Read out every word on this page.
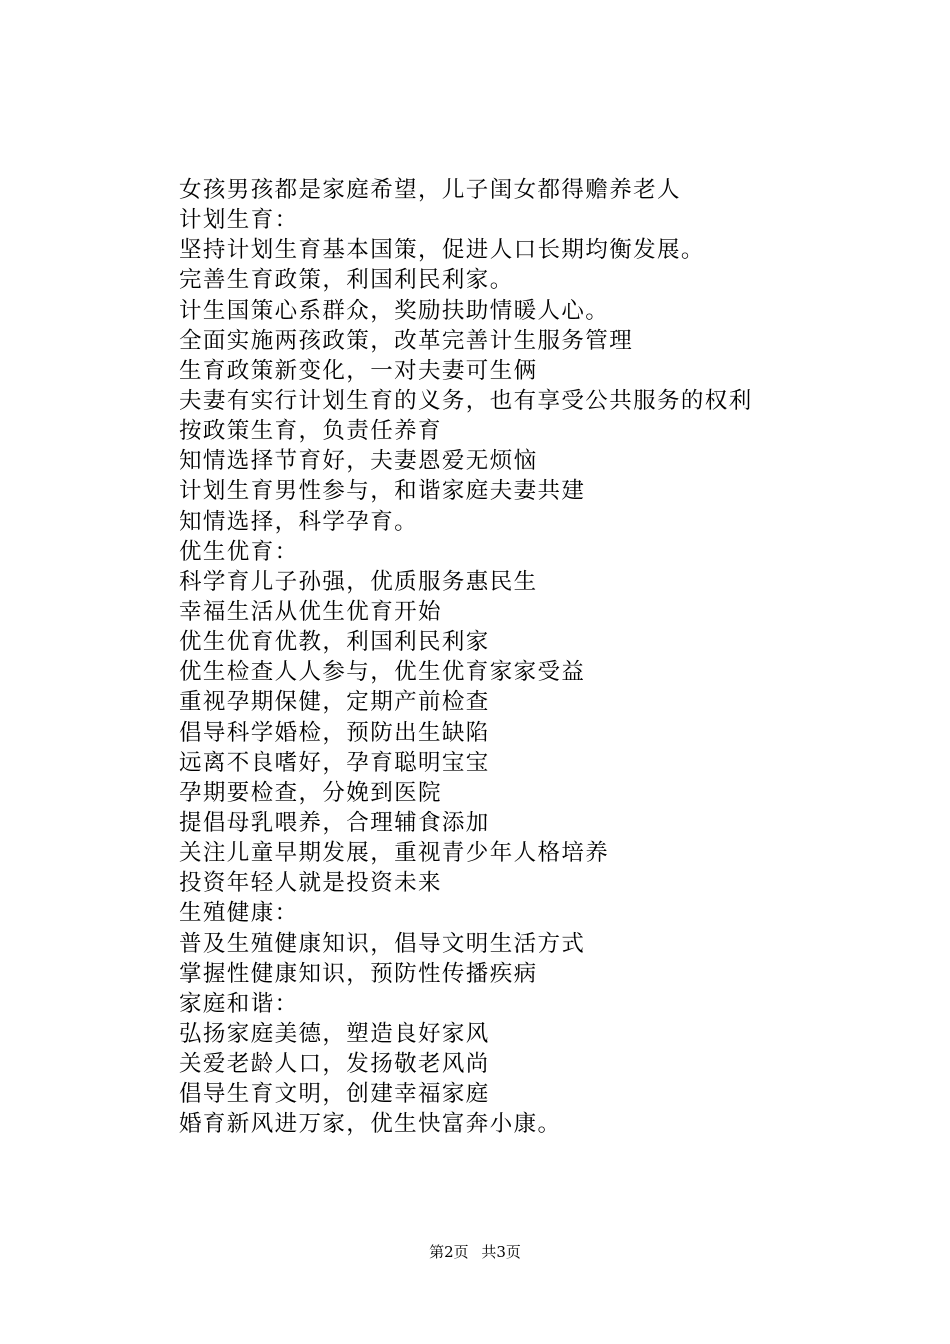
女孩男孩都是家庭希望，儿子闺女都得赡养老人
计划生育：
坚持计划生育基本国策，促进人口长期均衡发展。
完善生育政策，利国利民利家。
计生国策心系群众，奖励扶助情暖人心。
全面实施两孩政策，改革完善计生服务管理
生育政策新变化，一对夫妻可生俩
夫妻有实行计划生育的义务，也有享受公共服务的权利
按政策生育，负责任养育
知情选择节育好，夫妻恩爱无烦恼
计划生育男性参与，和谐家庭夫妻共建
知情选择，科学孕育。
优生优育：
科学育儿子孙强，优质服务惠民生
幸福生活从优生优育开始
优生优育优教，利国利民利家
优生检查人人参与，优生优育家家受益
重视孕期保健，定期产前检查
倡导科学婚检，预防出生缺陷
远离不良嗜好，孕育聪明宝宝
孕期要检查，分娩到医院
提倡母乳喂养，合理辅食添加
关注儿童早期发展，重视青少年人格培养
投资年轻人就是投资未来
生殖健康：
普及生殖健康知识，倡导文明生活方式
掌握性健康知识，预防性传播疾病
家庭和谐：
弘扬家庭美德，塑造良好家风
关爱老龄人口，发扬敬老风尚
倡导生育文明，创建幸福家庭
婚育新风进万家，优生快富奔小康。
第2页 共3页
